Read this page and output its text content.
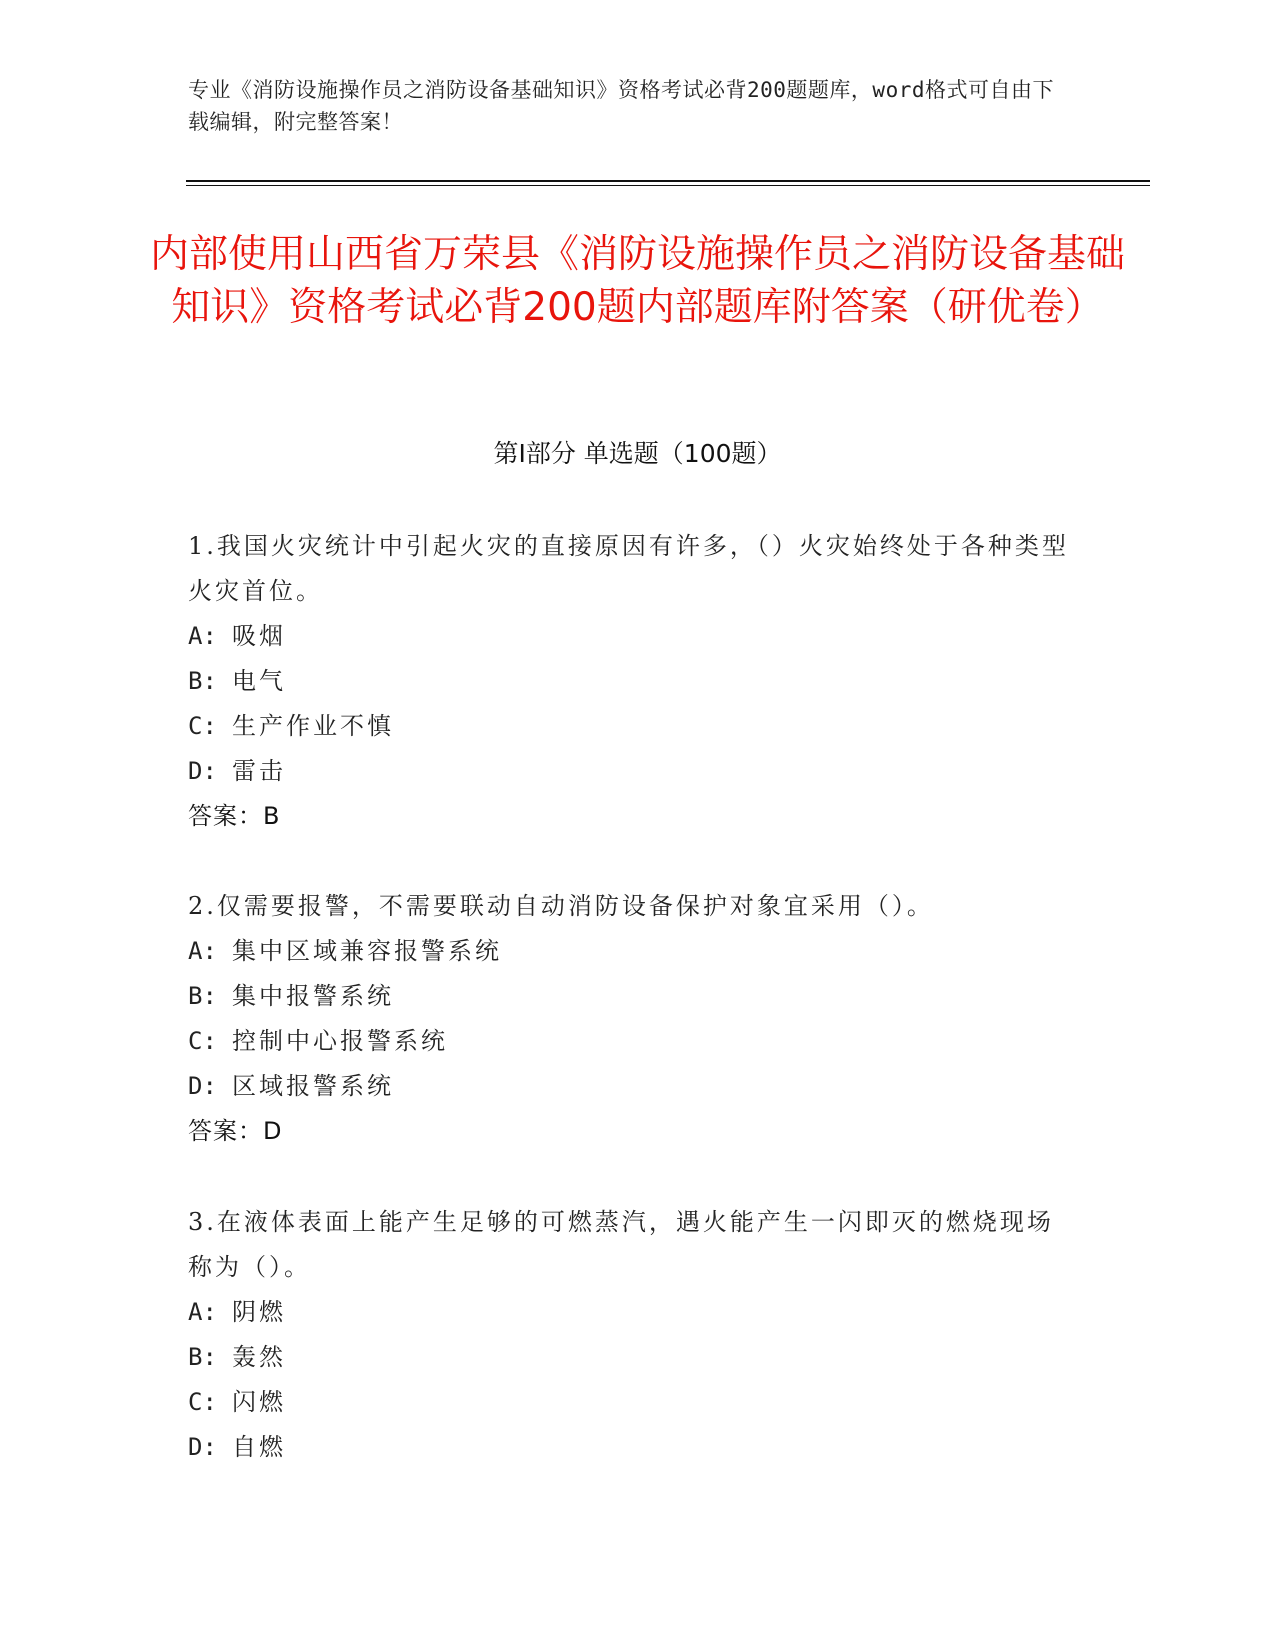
专业《消防设施操作员之消防设备基础知识》资格考试必背200题题库，word格式可自由下载编辑，附完整答案！
内部使用山西省万荣县《消防设施操作员之消防设备基础知识》资格考试必背200题内部题库附答案（研优卷）
第Ⅰ部分 单选题（100题）
1.我国火灾统计中引起火灾的直接原因有许多，（）火灾始终处于各种类型火灾首位。
A: 吸烟
B: 电气
C: 生产作业不慎
D: 雷击
答案：B
2.仅需要报警，不需要联动自动消防设备保护对象宜采用（）。
A: 集中区域兼容报警系统
B: 集中报警系统
C: 控制中心报警系统
D: 区域报警系统
答案：D
3.在液体表面上能产生足够的可燃蒸汽，遇火能产生一闪即灭的燃烧现场称为（）。
A: 阴燃
B: 轰然
C: 闪燃
D: 自燃
